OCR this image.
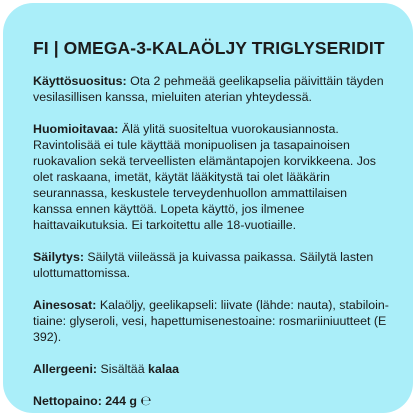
FI | OMEGA-3-KALAÖLJY TRIGLYSERIDIT

Käyttösuositus: Ota 2 pehmeää geelikapselia päivittäin täyden vesilasillisen kanssa, mieluiten aterian yhteydessä.

Huomioitavaa: Älä ylitä suositeltua vuorokausiannosta. Ravintolisää ei tule käyttää monipuolisen ja tasapainoisen ruokavalion sekä terveellisten elämäntapojen korvikkeena. Jos olet raskaana, imetät, käytät lääkitystä tai olet lääkärin seurannassa, keskustele terveydenhuollon ammattilaisen kanssa ennen käyttöä. Lopeta käyttö, jos ilmenee haittavaikutuksia. Ei tarkoitettu alle 18-vuotiaille.

Säilytys: Säilytä viileässä ja kuivassa paikassa. Säilytä lasten ulottumattomissa.

Ainesosat: Kalaöljy, geelikapseli: liivate (lähde: nauta), stabilointiaine: glyseroli, vesi, hapettumisenestoaine: rosmariiniuutteet (E 392).

Allergeeni: Sisältää kalaa

Nettopaino: 244 g ℮
